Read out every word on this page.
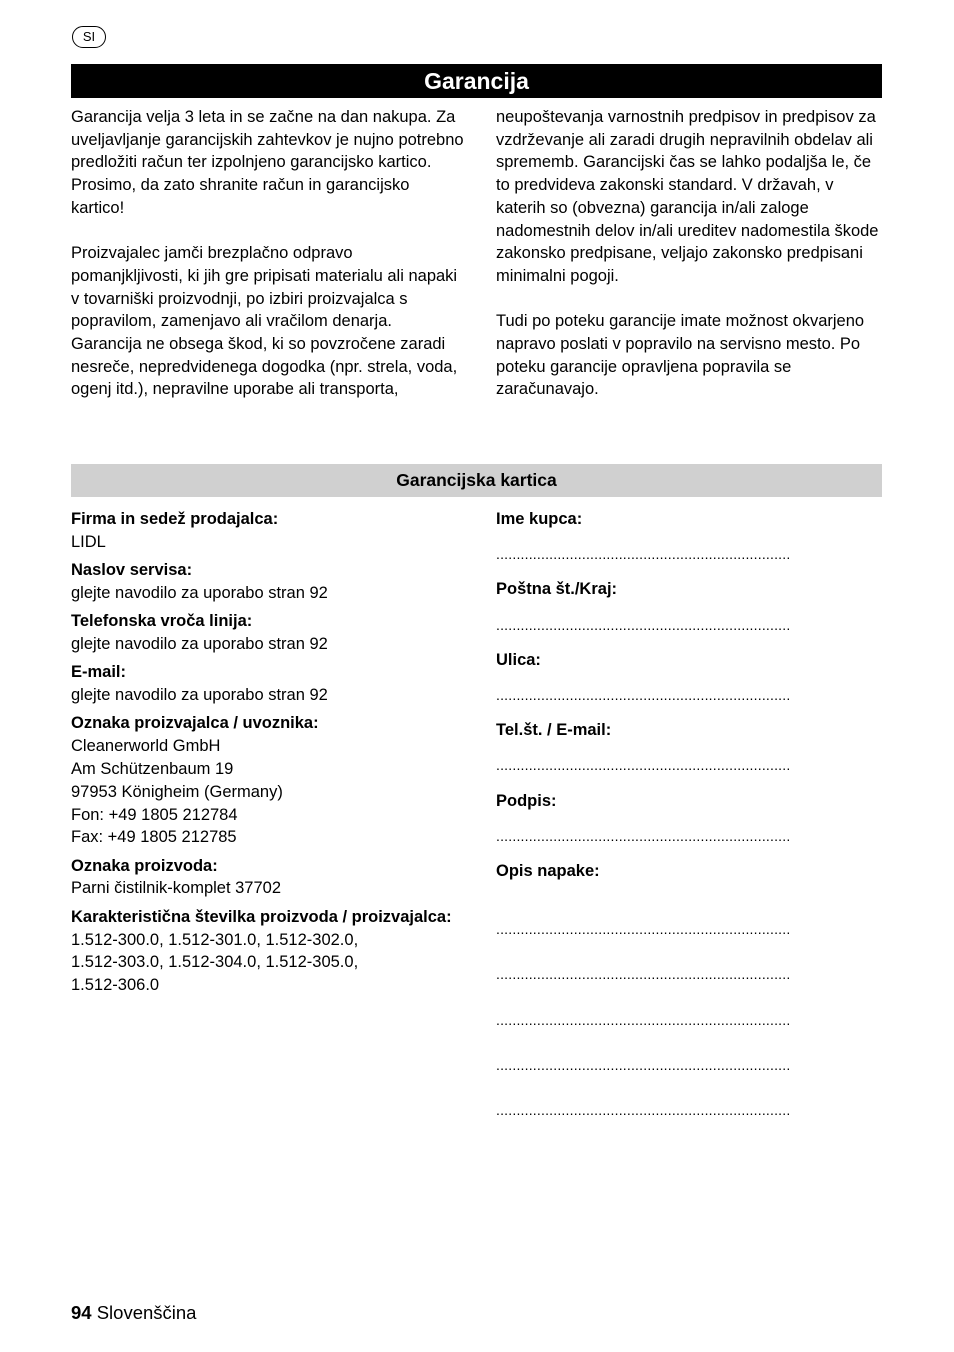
SI
Garancija

Garancija velja 3 leta in se začne na dan nakupa. Za uveljavljanje garancijskih zahtevkov je nujno potrebno predložiti račun ter izpolnjeno garancijsko kartico. Prosimo, da zato shranite račun in garancijsko kartico!

Proizvajalec jamči brezplačno odpravo pomanjkljivosti, ki jih gre pripisati materialu ali napaki v tovarniški proizvodnji, po izbiri proizvajalca s popravilom, zamenjavo ali vračilom denarja. Garancija ne obsega škod, ki so povzročene zaradi nesreče, nepredvidenega dogodka (npr. strela, voda, ogenj itd.), nepravilne uporabe ali transporta,

neupoštevanja varnostnih predpisov in predpisov za vzdrževanje ali zaradi drugih nepravilnih obdelav ali sprememb. Garancijski čas se lahko podaljša le, če to predvideva zakonski standard. V državah, v katerih so (obvezna) garancija in/ali zaloge nadomestnih delov in/ali ureditev nadomestila škode zakonsko predpisane, veljajo zakonsko predpisani minimalni pogoji.

Tudi po poteku garancije imate možnost okvarjeno napravo poslati v popravilo na servisno mesto. Po poteku garancije opravljena popravila se zaračunavajo.

Garancijska kartica
Firma in sedež prodajalca:
LIDL
Naslov servisa:
glejte navodilo za uporabo stran 92
Telefonska vroča linija:
glejte navodilo za uporabo stran 92
E-mail:
glejte navodilo za uporabo stran 92
Oznaka proizvajalca / uvoznika:
Cleanerworld GmbH
Am Schützenbaum 19
97953 Königheim (Germany)
Fon: +49 1805 212784
Fax: +49 1805 212785
Oznaka proizvoda:
Parni čistilnik-komplet 37702
Karakteristična številka proizvoda / proizvajalca:
1.512-300.0, 1.512-301.0, 1.512-302.0,
1.512-303.0, 1.512-304.0, 1.512-305.0,
1.512-306.0
Ime kupca:
........................................................................
Poštna št./Kraj:
........................................................................
Ulica:
........................................................................
Tel.št. / E-mail:
........................................................................
Podpis:
........................................................................
Opis napake:
........................................................................
........................................................................
........................................................................
........................................................................
........................................................................
94 Slovenščina
